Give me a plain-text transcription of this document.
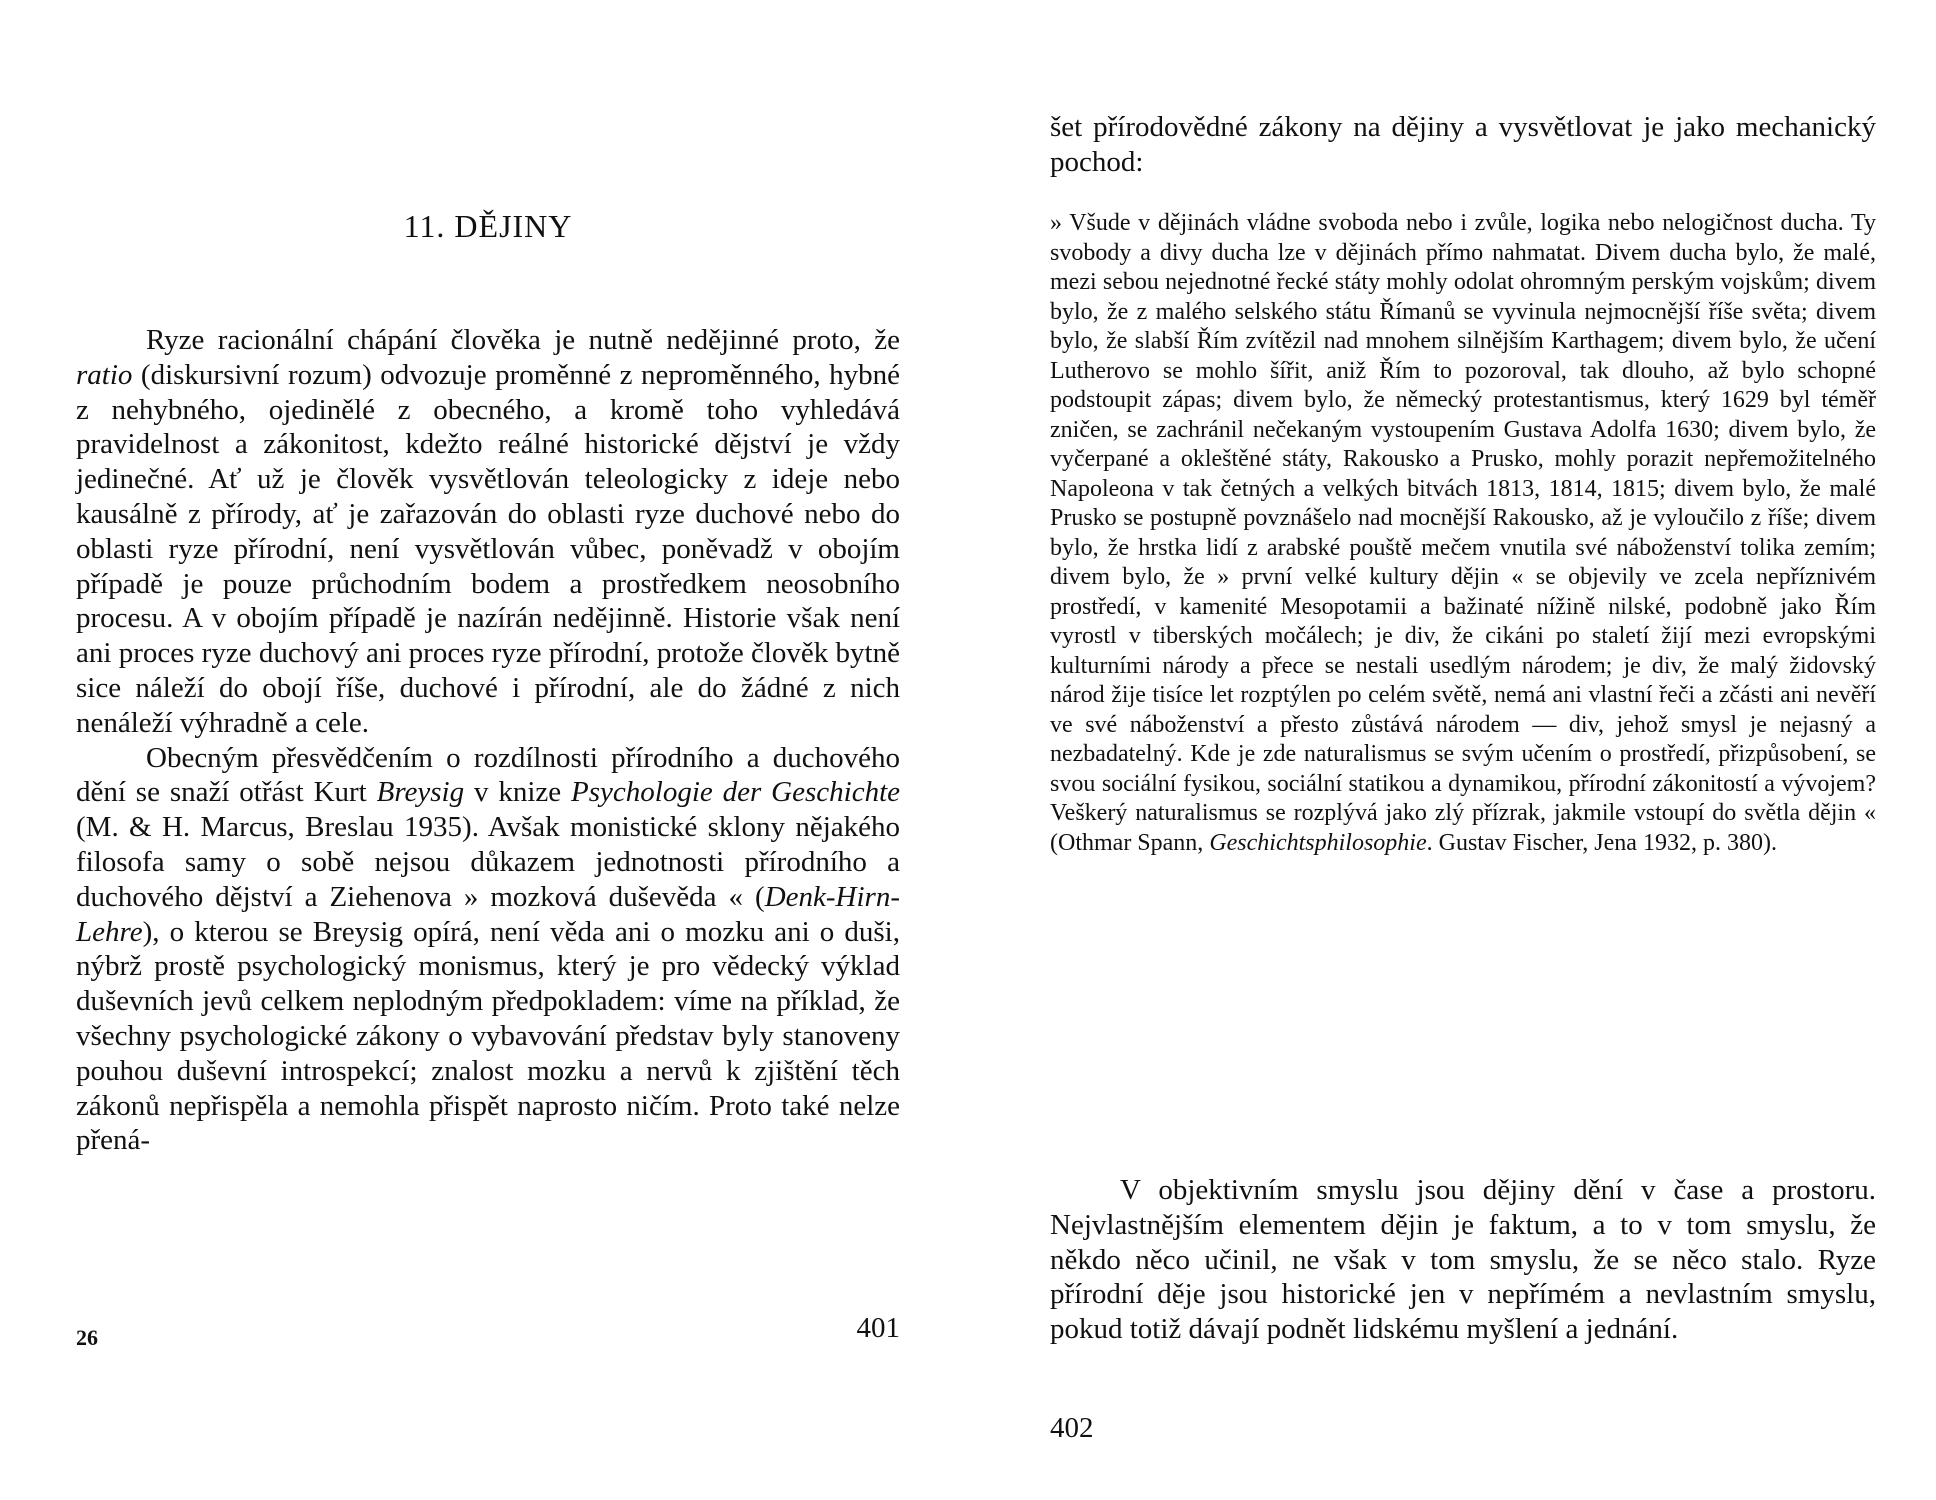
11. DĚJINY

Ryze racionální chápání člověka je nutně nedějinné proto, že ratio (diskursivní rozum) odvozuje proměnné z neproměnného, hybné z nehybného, ojedinělé z obecného, a kromě toho vyhledává pravidelnost a zákonitost, kdežto reálné historické dějství je vždy jedinečné. Ať už je člověk vysvětlován teleologicky z ideje nebo kausálně z přírody, ať je zařazován do oblasti ryze duchové nebo do oblasti ryze přírodní, není vysvětlován vůbec, poněvadž v obojím případě je pouze průchodním bodem a prostředkem neosobního procesu. A v obojím případě je nazírán nedějinně. Historie však není ani proces ryze duchový ani proces ryze přírodní, protože člověk bytně sice náleží do obojí říše, duchové i přírodní, ale do žádné z nich nenáleží výhradně a cele.

Obecným přesvědčením o rozdílnosti přírodního a duchového dění se snaží otřást Kurt Breysig v knize Psychologie der Geschichte (M. & H. Marcus, Breslau 1935). Avšak monistické sklony nějakého filosofa samy o sobě nejsou důkazem jednotnosti přírodního a duchového dějství a Ziehenova » mozková duševěda « (Denk-Hirn-Lehre), o kterou se Breysig opírá, není věda ani o mozku ani o duši, nýbrž prostě psychologický monismus, který je pro vědecký výklad duševních jevů celkem neplodným předpokladem: víme na příklad, že všechny psychologické zákony o vybavování představ byly stanoveny pouhou duševní introspekcí; znalost mozku a nervů k zjištění těch zákonů nepřispěla a nemohla přispět naprosto ničím. Proto také nelze přená-

26	401

šet přírodovědné zákony na dějiny a vysvětlovat je jako mechanický pochod:

» Všude v dějinách vládne svoboda nebo i zvůle, logika nebo nelogičnost ducha. Ty svobody a divy ducha lze v dějinách přímo nahmatat. Divem ducha bylo, že malé, mezi sebou nejednotné řecké státy mohly odolat ohromným perským vojskům; divem bylo, že z malého selského státu Římanů se vyvinula nejmocnější říše světa; divem bylo, že slabší Řím zvítězil nad mnohem silnějším Karthagem; divem bylo, že učení Lutherovo se mohlo šířit, aniž Řím to pozoroval, tak dlouho, až bylo schopné podstoupit zápas; divem bylo, že německý protestantismus, který 1629 byl téměř zničen, se zachránil nečekaným vystoupením Gustava Adolfa 1630; divem bylo, že vyčerpané a okleštěné státy, Rakousko a Prusko, mohly porazit nepřemožitelného Napoleona v tak četných a velkých bitvách 1813, 1814, 1815; divem bylo, že malé Prusko se postupně povznášelo nad mocnější Rakousko, až je vyloučilo z říše; divem bylo, že hrstka lidí z arabské pouště mečem vnutila své náboženství tolika zemím; divem bylo, že » první velké kultury dějin « se objevily ve zcela nepříznivém prostředí, v kamenité Mesopotamii a bažinaté nížině nilské, podobně jako Řím vyrostl v tiberských močálech; je div, že cikáni po staletí žijí mezi evropskými kulturními národy a přece se nestali usedlým národem; je div, že malý židovský národ žije tisíce let rozptýlen po celém světě, nemá ani vlastní řeči a zčásti ani nevěří ve své náboženství a přesto zůstává národem — div, jehož smysl je nejasný a nezbadatelný. Kde je zde naturalismus se svým učením o prostředí, přizpůsobení, se svou sociální fysikou, sociální statikou a dynamikou, přírodní zákonitostí a vývojem? Veškerý naturalismus se rozplývá jako zlý přízrak, jakmile vstoupí do světla dějin « (Othmar Spann, Geschichtsphilosophie. Gustav Fischer, Jena 1932, p. 380).

V objektivním smyslu jsou dějiny dění v čase a prostoru. Nejvlastnějším elementem dějin je faktum, a to v tom smyslu, že někdo něco učinil, ne však v tom smyslu, že se něco stalo. Ryze přírodní děje jsou historické jen v nepřímém a nevlastním smyslu, pokud totiž dávají podnět lidskému myšlení a jednání.

402
